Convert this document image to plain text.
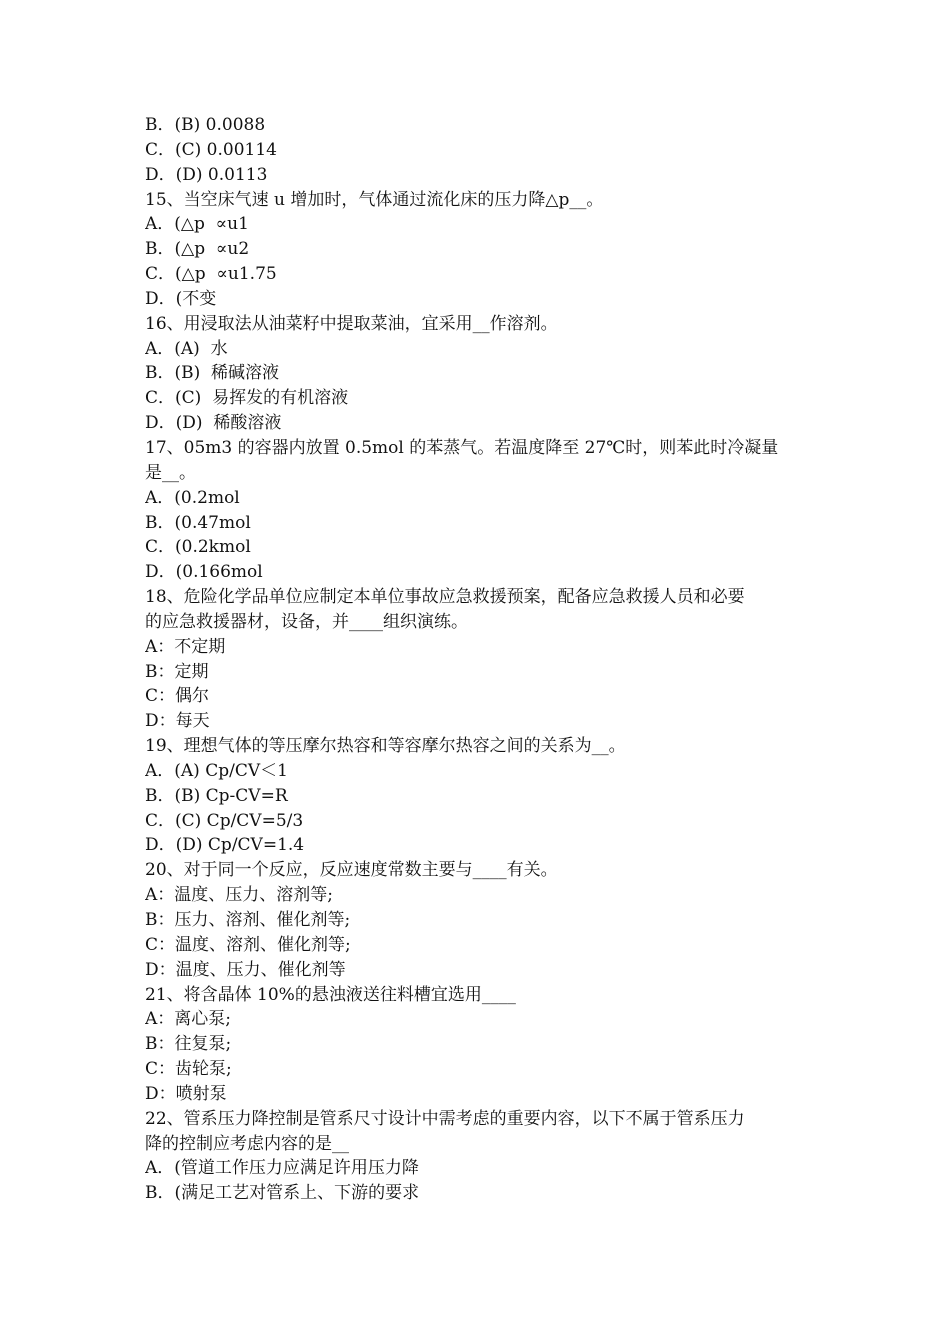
B．(B) 0.0088
C．(C) 0.00114
D．(D) 0.0113
15、当空床气速 u 增加时，气体通过流化床的压力降△p__。
A．(△p  ∝u1
B．(△p  ∝u2
C．(△p  ∝u1.75
D．(不变
16、用浸取法从油菜籽中提取菜油，宜采用__作溶剂。
A．(A)  水
B．(B)  稀碱溶液
C．(C)  易挥发的有机溶液
D．(D)  稀酸溶液
17、05m3 的容器内放置 0.5mol 的苯蒸气。若温度降至 27℃时，则苯此时冷凝量
是__。
A．(0.2mol
B．(0.47mol
C．(0.2kmol
D．(0.166mol
18、危险化学品单位应制定本单位事故应急救援预案，配备应急救援人员和必要
的应急救援器材，设备，并____组织演练。
A：不定期
B：定期
C：偶尔
D：每天
19、理想气体的等压摩尔热容和等容摩尔热容之间的关系为__。
A．(A) Cp/CV＜1
B．(B) Cp-CV=R
C．(C) Cp/CV=5/3
D．(D) Cp/CV=1.4
20、对于同一个反应，反应速度常数主要与____有关。
A：温度、压力、溶剂等;
B：压力、溶剂、催化剂等;
C：温度、溶剂、催化剂等;
D：温度、压力、催化剂等
21、将含晶体 10%的悬浊液送往料槽宜选用____
A：离心泵;
B：往复泵;
C：齿轮泵;
D：喷射泵
22、管系压力降控制是管系尺寸设计中需考虑的重要内容，以下不属于管系压力
降的控制应考虑内容的是__
A．(管道工作压力应满足许用压力降
B．(满足工艺对管系上、下游的要求
